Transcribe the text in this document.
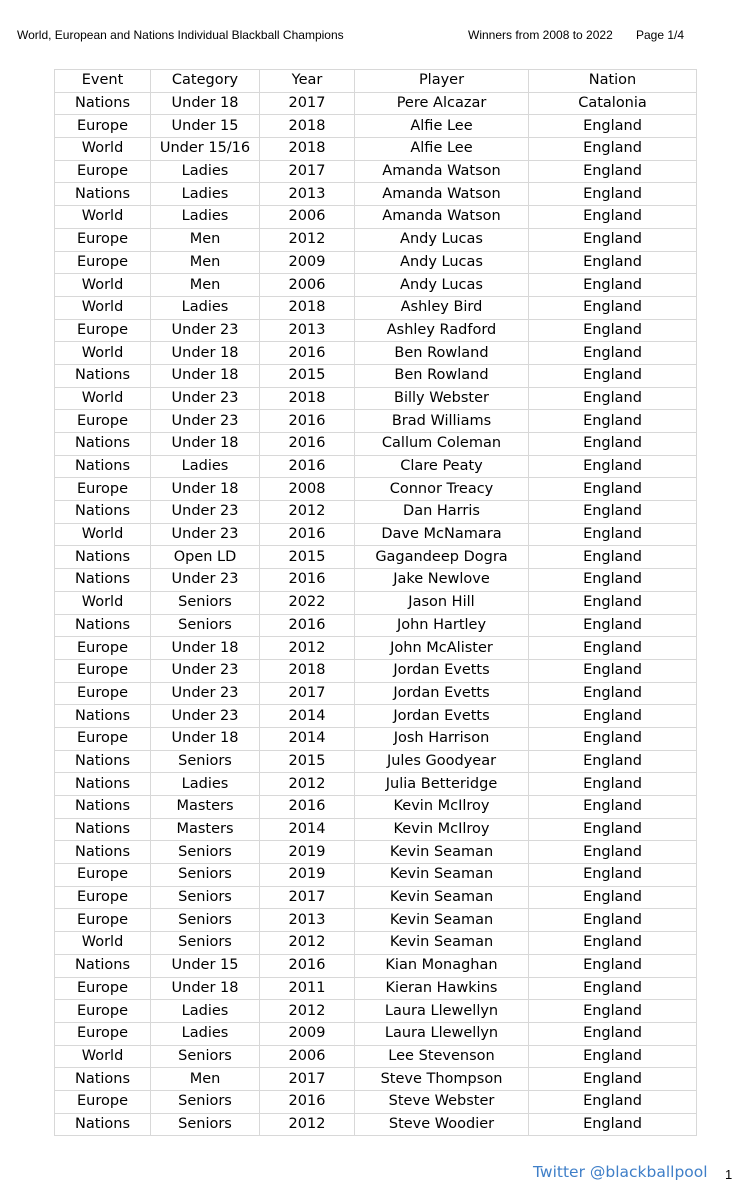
World, European and Nations Individual Blackball Champions	Winners from 2008 to 2022 Page 1/4
Event	Category	Year	Player	Nation
Nations	Under 18	2017	Pere Alcazar	Catalonia
Europe	Under 15	2018	Alfie Lee	England
World	Under 15/16	2018	Alfie Lee	England
Europe	Ladies	2017	Amanda Watson	England
Nations	Ladies	2013	Amanda Watson	England
World	Ladies	2006	Amanda Watson	England
Europe	Men	2012	Andy Lucas	England
Europe	Men	2009	Andy Lucas	England
World	Men	2006	Andy Lucas	England
World	Ladies	2018	Ashley Bird	England
Europe	Under 23	2013	Ashley Radford	England
World	Under 18	2016	Ben Rowland	England
Nations	Under 18	2015	Ben Rowland	England
World	Under 23	2018	Billy Webster	England
Europe	Under 23	2016	Brad Williams	England
Nations	Under 18	2016	Callum Coleman	England
Nations	Ladies	2016	Clare Peaty	England
Europe	Under 18	2008	Connor Treacy	England
Nations	Under 23	2012	Dan Harris	England
World	Under 23	2016	Dave McNamara	England
Nations	Open LD	2015	Gagandeep Dogra	England
Nations	Under 23	2016	Jake Newlove	England
World	Seniors	2022	Jason Hill	England
Nations	Seniors	2016	John Hartley	England
Europe	Under 18	2012	John McAlister	England
Europe	Under 23	2018	Jordan Evetts	England
Europe	Under 23	2017	Jordan Evetts	England
Nations	Under 23	2014	Jordan Evetts	England
Europe	Under 18	2014	Josh Harrison	England
Nations	Seniors	2015	Jules Goodyear	England
Nations	Ladies	2012	Julia Betteridge	England
Nations	Masters	2016	Kevin McIlroy	England
Nations	Masters	2014	Kevin McIlroy	England
Nations	Seniors	2019	Kevin Seaman	England
Europe	Seniors	2019	Kevin Seaman	England
Europe	Seniors	2017	Kevin Seaman	England
Europe	Seniors	2013	Kevin Seaman	England
World	Seniors	2012	Kevin Seaman	England
Nations	Under 15	2016	Kian Monaghan	England
Europe	Under 18	2011	Kieran Hawkins	England
Europe	Ladies	2012	Laura Llewellyn	England
Europe	Ladies	2009	Laura Llewellyn	England
World	Seniors	2006	Lee Stevenson	England
Nations	Men	2017	Steve Thompson	England
Europe	Seniors	2016	Steve Webster	England
Nations	Seniors	2012	Steve Woodier	England
Twitter @blackballpool 1
